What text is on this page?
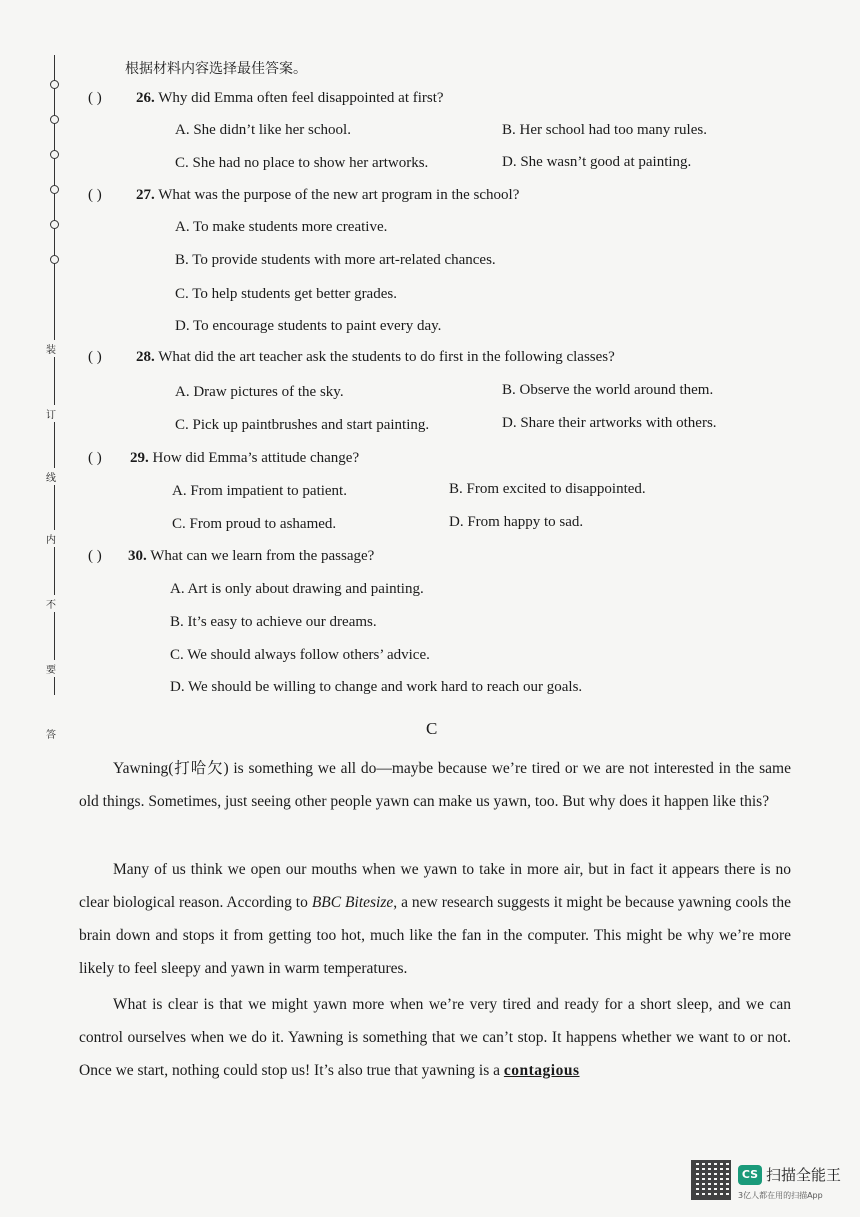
装
订
线
内
不
要
答
根据材料内容选择最佳答案。
( ) 26. Why did Emma often feel disappointed at first?
A. She didn’t like her school.	B. Her school had too many rules.
C. She had no place to show her artworks.	D. She wasn’t good at painting.
( ) 27. What was the purpose of the new art program in the school?
A. To make students more creative.
B. To provide students with more art-related chances.
C. To help students get better grades.
D. To encourage students to paint every day.
( ) 28. What did the art teacher ask the students to do first in the following classes?
A. Draw pictures of the sky.	B. Observe the world around them.
C. Pick up paintbrushes and start painting.	D. Share their artworks with others.
( ) 29. How did Emma’s attitude change?
A. From impatient to patient.	B. From excited to disappointed.
C. From proud to ashamed.	D. From happy to sad.
( ) 30. What can we learn from the passage?
A. Art is only about drawing and painting.
B. It’s easy to achieve our dreams.
C. We should always follow others’ advice.
D. We should be willing to change and work hard to reach our goals.
C
Yawning(打哈欠) is something we all do—maybe because we’re tired or we are not interested in the same old things. Sometimes, just seeing other people yawn can make us yawn, too. But why does it happen like this?
Many of us think we open our mouths when we yawn to take in more air, but in fact it appears there is no clear biological reason. According to BBC Bitesize, a new research suggests it might be because yawning cools the brain down and stops it from getting too hot, much like the fan in the computer. This might be why we’re more likely to feel sleepy and yawn in warm temperatures.
What is clear is that we might yawn more when we’re very tired and ready for a short sleep, and we can control ourselves when we do it. Yawning is something that we can’t stop. It happens whether we want to or not. Once we start, nothing could stop us! It’s also true that yawning is a contagious
CS 扫描全能王
3亿人都在用的扫描App
